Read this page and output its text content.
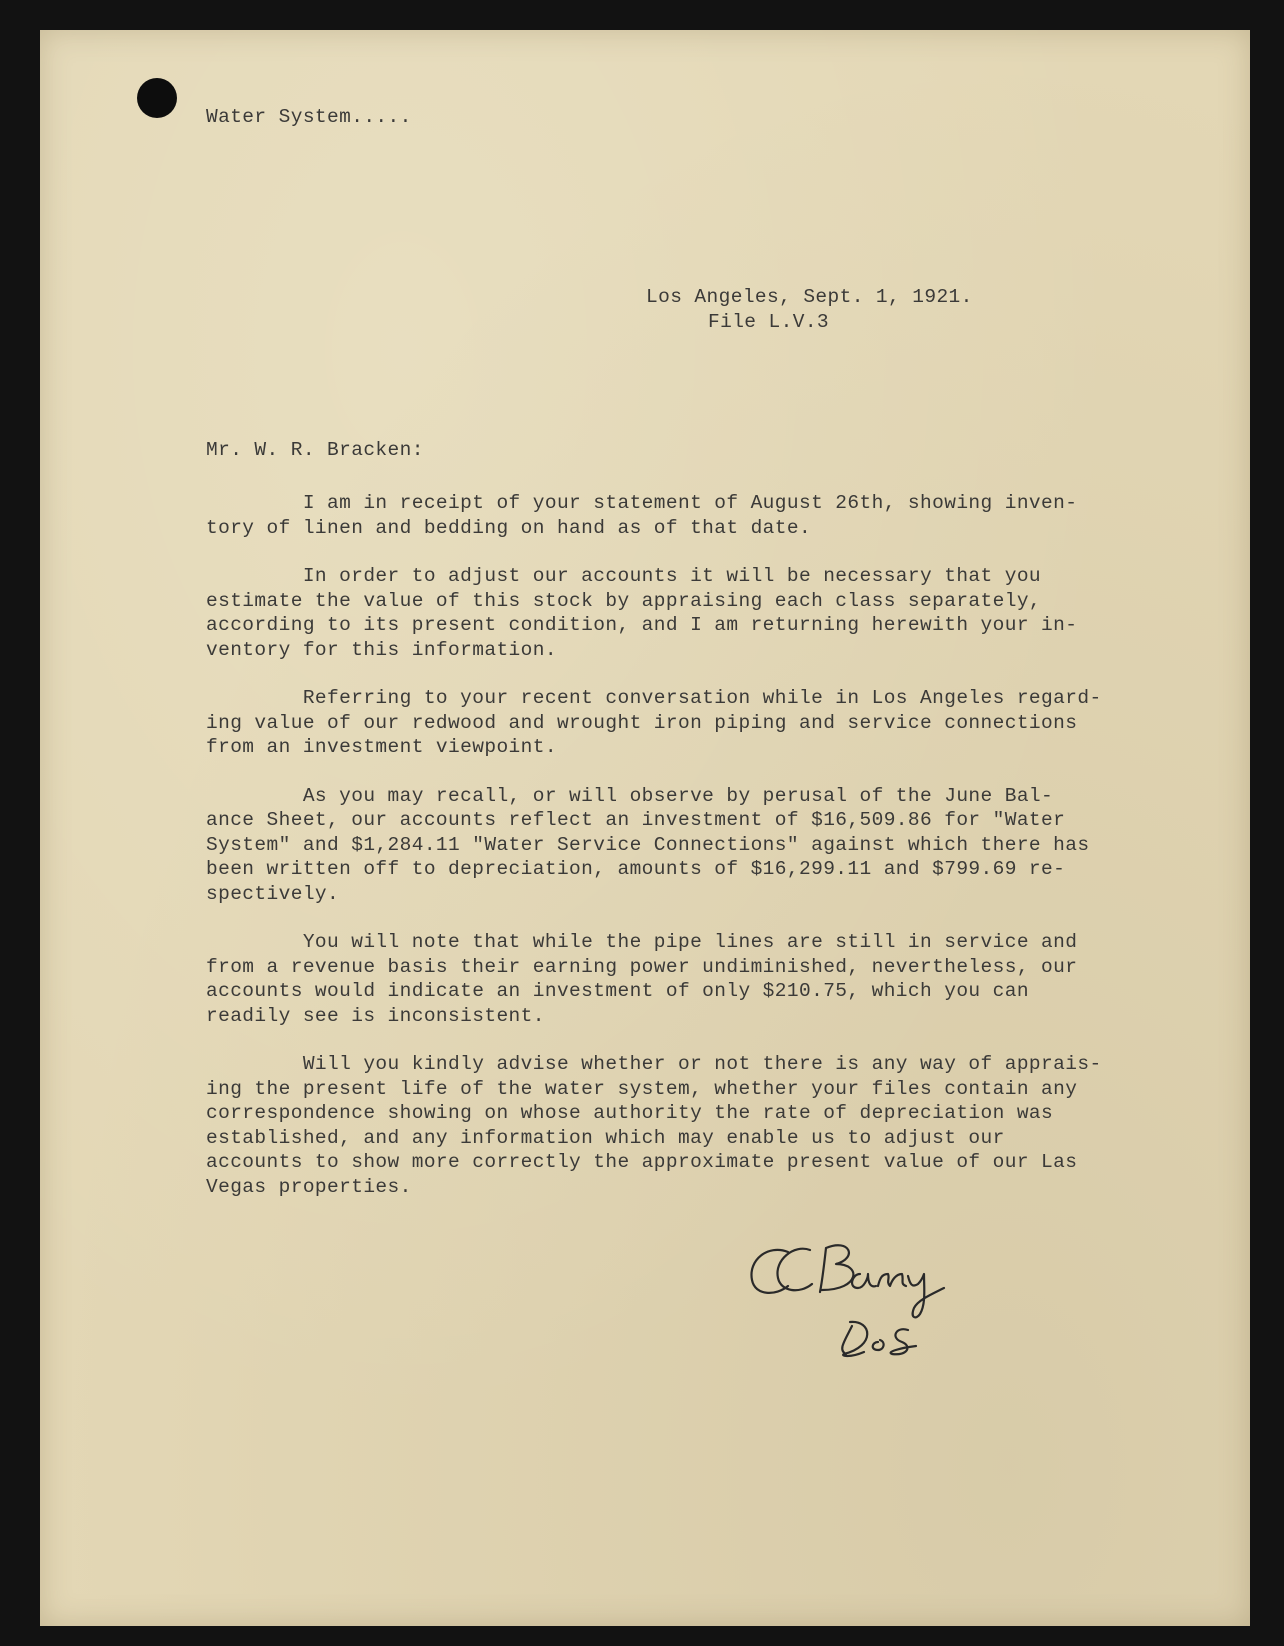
Water System.....
Los Angeles, Sept. 1, 1921.
File L.V.3
Mr. W. R. Bracken:
I am in receipt of your statement of August 26th, showing inven-
tory of linen and bedding on hand as of that date.
In order to adjust our accounts it will be necessary that you
estimate the value of this stock by appraising each class separately,
according to its present condition, and I am returning herewith your in-
ventory for this information.
Referring to your recent conversation while in Los Angeles regard-
ing value of our redwood and wrought iron piping and service connections
from an investment viewpoint.
As you may recall, or will observe by perusal of the June Bal-
ance Sheet, our accounts reflect an investment of $16,509.86 for "Water
System" and $1,284.11 "Water Service Connections" against which there has
been written off to depreciation, amounts of $16,299.11 and $799.69 re-
spectively.
You will note that while the pipe lines are still in service and
from a revenue basis their earning power undiminished, nevertheless, our
accounts would indicate an investment of only $210.75, which you can
readily see is inconsistent.
Will you kindly advise whether or not there is any way of apprais-
ing the present life of the water system, whether your files contain any
correspondence showing on whose authority the rate of depreciation was
established, and any information which may enable us to adjust our
accounts to show more correctly the approximate present value of our Las
Vegas properties.
